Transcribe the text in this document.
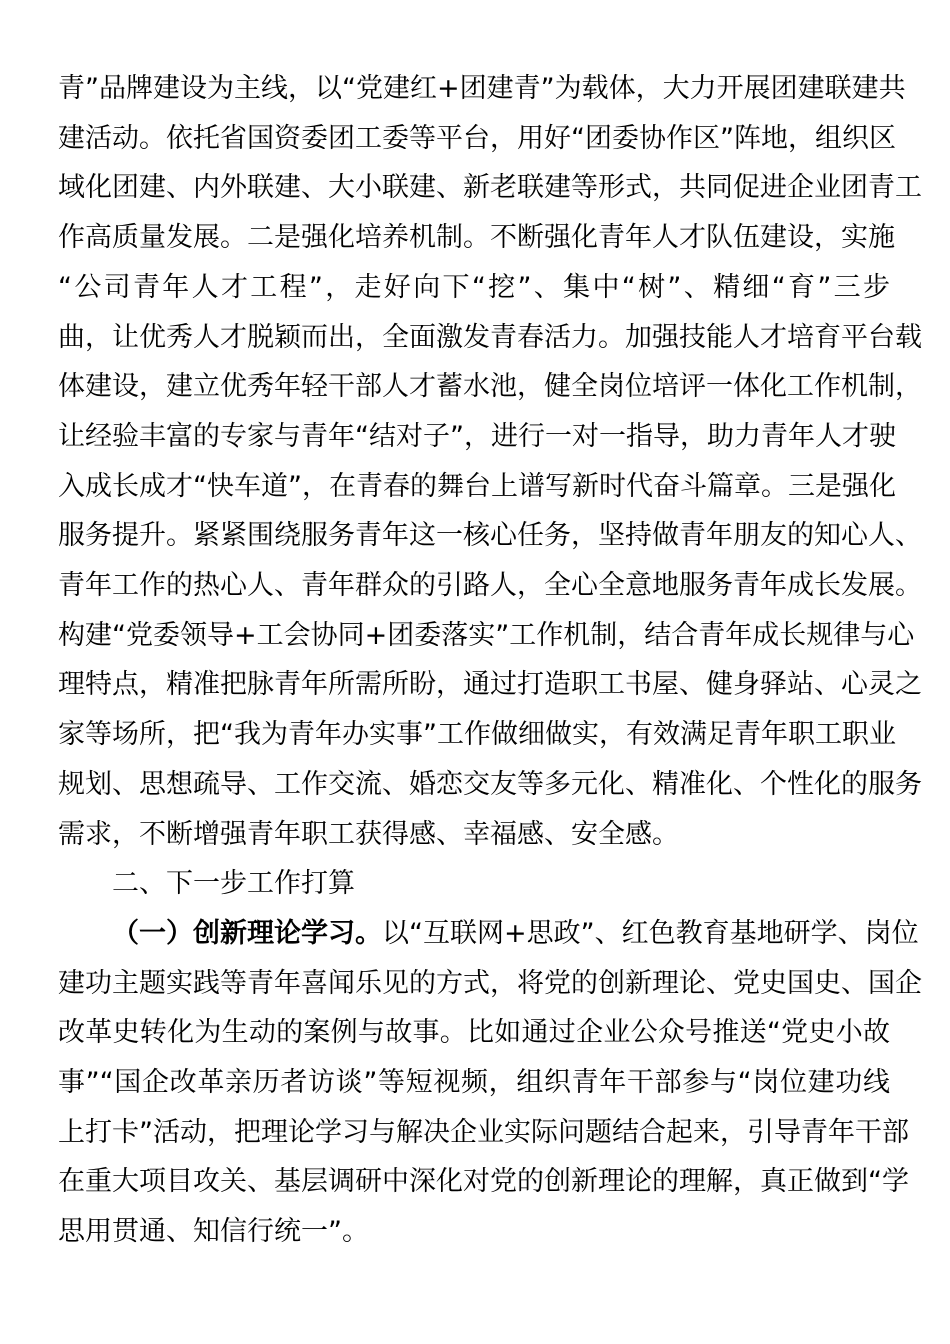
青”品牌建设为主线，以“党建红+团建青”为载体，大力开展团建联建共
建活动。依托省国资委团工委等平台，用好“团委协作区”阵地，组织区
域化团建、内外联建、大小联建、新老联建等形式，共同促进企业团青工
作高质量发展。二是强化培养机制。不断强化青年人才队伍建设，实施
“公司青年人才工程”，走好向下“挖”、集中“树”、精细“育”三步
曲，让优秀人才脱颖而出，全面激发青春活力。加强技能人才培育平台载
体建设，建立优秀年轻干部人才蓄水池，健全岗位培评一体化工作机制，
让经验丰富的专家与青年“结对子”，进行一对一指导，助力青年人才驶
入成长成才“快车道”，在青春的舞台上谱写新时代奋斗篇章。三是强化
服务提升。紧紧围绕服务青年这一核心任务，坚持做青年朋友的知心人、
青年工作的热心人、青年群众的引路人，全心全意地服务青年成长发展。
构建“党委领导+工会协同+团委落实”工作机制，结合青年成长规律与心
理特点，精准把脉青年所需所盼，通过打造职工书屋、健身驿站、心灵之
家等场所，把“我为青年办实事”工作做细做实，有效满足青年职工职业
规划、思想疏导、工作交流、婚恋交友等多元化、精准化、个性化的服务
需求，不断增强青年职工获得感、幸福感、安全感。

二、下一步工作打算

（一）创新理论学习。以“互联网+思政”、红色教育基地研学、岗位
建功主题实践等青年喜闻乐见的方式，将党的创新理论、党史国史、国企
改革史转化为生动的案例与故事。比如通过企业公众号推送“党史小故
事”“国企改革亲历者访谈”等短视频，组织青年干部参与“岗位建功线
上打卡”活动，把理论学习与解决企业实际问题结合起来，引导青年干部
在重大项目攻关、基层调研中深化对党的创新理论的理解，真正做到“学
思用贯通、知信行统一”。
